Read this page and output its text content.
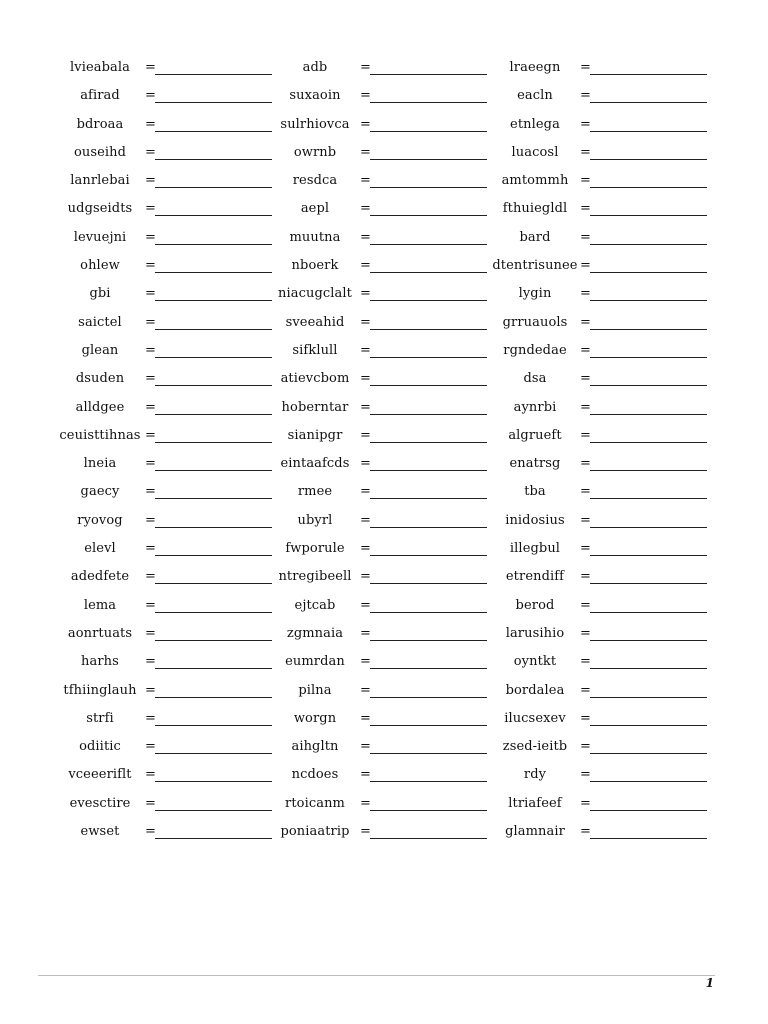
lvieabala	=	adb	=	lraeegn	=
afirad	=	suxaoin	=	eacln	=
bdroaa	=	sulrhiovca =	etnlega	=
ouseihd	=	owrnb	=	luacosl	=
lanrlebai	=	resdca	=	amtommh =
udgseidts =	aepl	=	fthuiegldl =
levuejni	=	muutna	=	bard	=
ohlew	=	nboerk	=	dtentrisunee =
gbi	=	niacugclalt =	lygin	=
saictel	=	sveeahid	=	grruauols =
glean	=	sifklull	=	rgndedae	=
dsuden	=	atievcbom =	dsa	=
alldgee	=	hoberntar =	aynrbi	=
ceuisttihnas =	sianipgr	=	algrueft	=
lneia	=	eintaafcds =	enatrsg	=
gaecy	=	rmee	=	tba	=
ryovog	=	ubyrl	=	inidosius	=
elevl	=	fwporule	=	illegbul	=
adedfete	=	ntregibeell =	etrendiff	=
lema	=	ejtcab	=	berod	=
aonrtuats =	zgmnaia	=	larusihio	=
harhs	=	eumrdan	=	oyntkt	=
tfhiinglauh =	pilna	=	bordalea	=
strfi	=	worgn	=	ilucsexev	=
odiitic	=	aihgltn	=	zsed-ieitb =
vceeeriflt	=	ncdoes	=	rdy	=
evesctire	=	rtoicanm	=	ltriafeef	=
ewset	=	poniaatrip =	glamnair	=
1
